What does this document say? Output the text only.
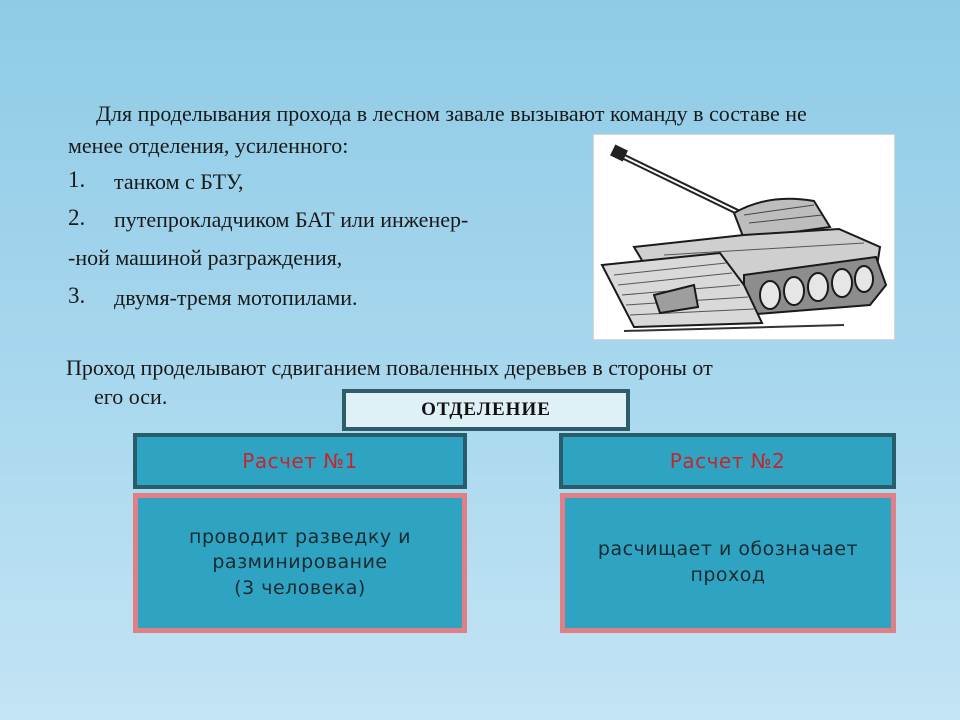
Для проделывания прохода в лесном завале вызывают команду в составе не менее отделения, усиленного:
1. танком с БТУ,
2. путепрокладчиком БАТ или инженер-
-ной машиной разграждения,
3. двумя-тремя мотопилами.
Проход проделывают сдвиганием поваленных деревьев в стороны от
его оси.
ОТДЕЛЕНИЕ
Расчет №1	Расчет №2
проводит разведку и
разминирование
(3 человека)
расчищает и обозначает
проход
